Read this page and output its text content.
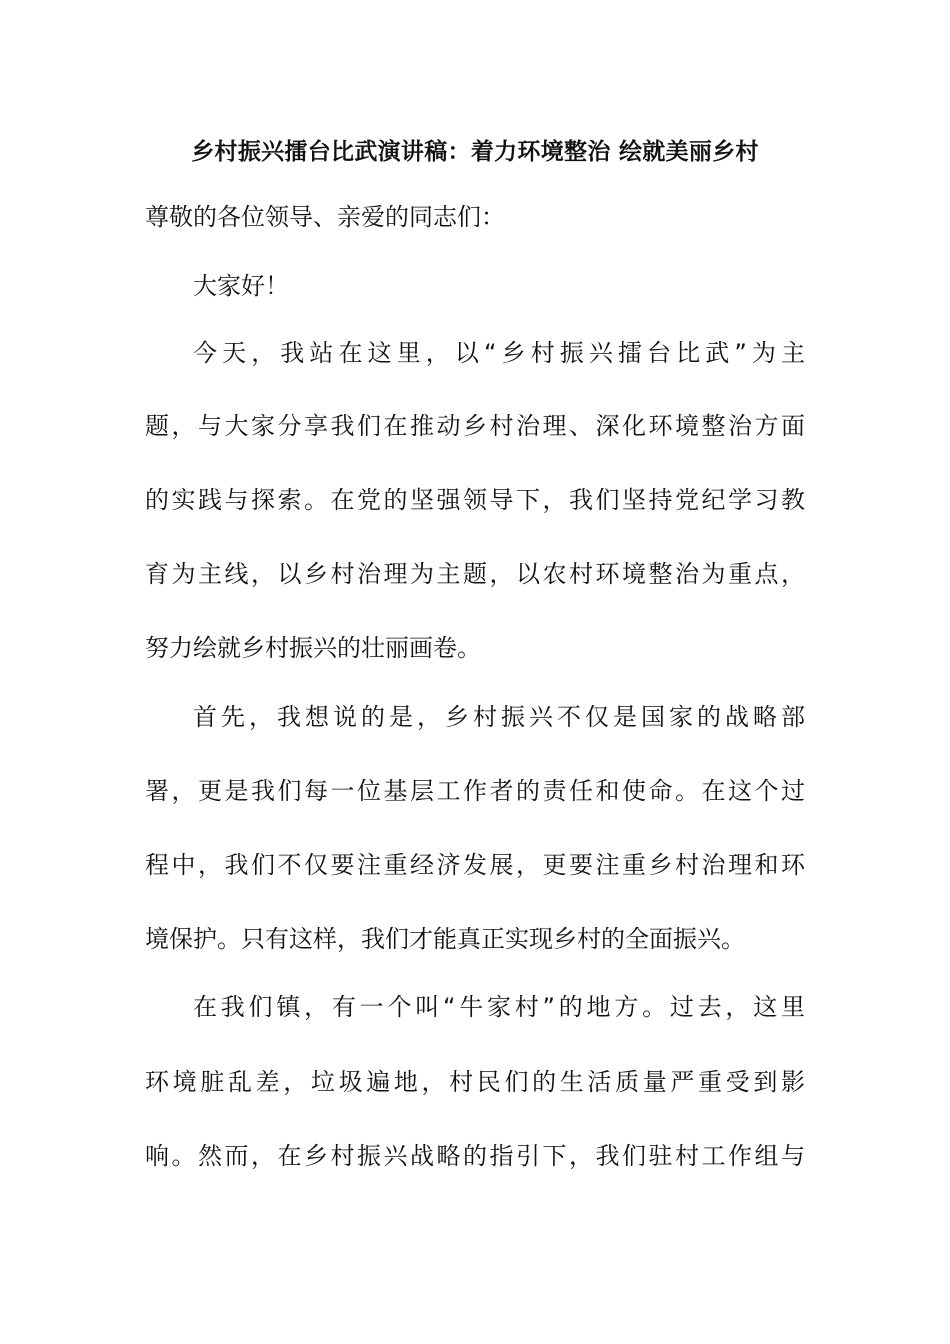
乡村振兴擂台比武演讲稿：着力环境整治 绘就美丽乡村
尊敬的各位领导、亲爱的同志们：
大家好！
今天，我站在这里，以“乡村振兴擂台比武”为主
题，与大家分享我们在推动乡村治理、深化环境整治方面
的实践与探索。在党的坚强领导下，我们坚持党纪学习教
育为主线，以乡村治理为主题，以农村环境整治为重点，
努力绘就乡村振兴的壮丽画卷。
首先，我想说的是，乡村振兴不仅是国家的战略部
署，更是我们每一位基层工作者的责任和使命。在这个过
程中，我们不仅要注重经济发展，更要注重乡村治理和环
境保护。只有这样，我们才能真正实现乡村的全面振兴。
在我们镇，有一个叫“牛家村”的地方。过去，这里
环境脏乱差，垃圾遍地，村民们的生活质量严重受到影
响。然而，在乡村振兴战略的指引下，我们驻村工作组与
